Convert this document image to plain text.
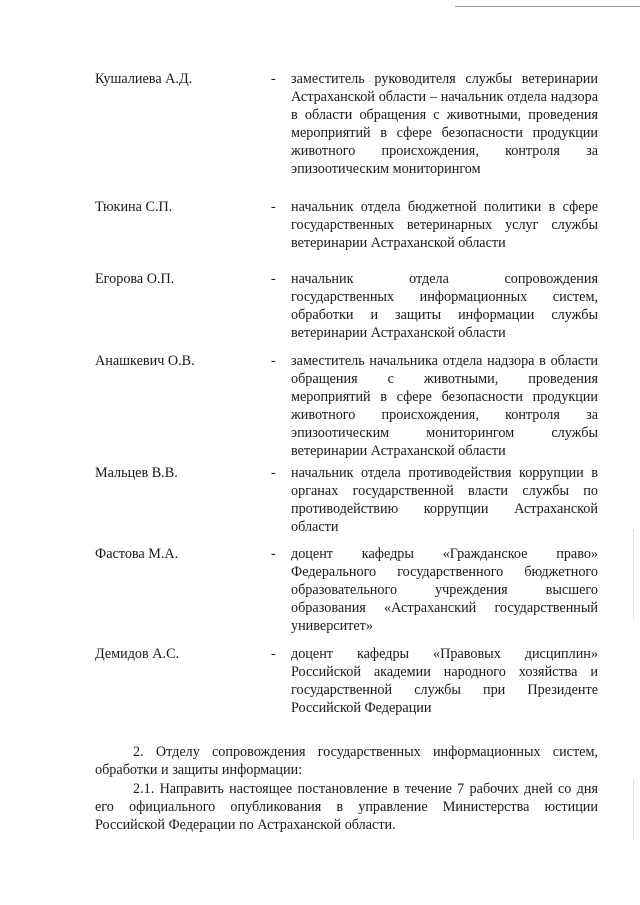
Кушалиева А.Д.	- заместитель руководителя службы ветеринарии Астраханской области – начальник отдела надзора в области обращения с животными, проведения мероприятий в сфере безопасности продукции животного происхождения, контроля за эпизоотическим мониторингом
Тюкина С.П.	- начальник отдела бюджетной политики в сфере государственных ветеринарных услуг службы ветеринарии Астраханской области
Егорова О.П.	- начальник отдела сопровождения государственных информационных систем, обработки и защиты информации службы ветеринарии Астраханской области
Анашкевич О.В.	- заместитель начальника отдела надзора в области обращения с животными, проведения мероприятий в сфере безопасности продукции животного происхождения, контроля за эпизоотическим мониторингом службы ветеринарии Астраханской области
Мальцев В.В.	- начальник отдела противодействия коррупции в органах государственной власти службы по противодействию коррупции Астраханской области
Фастова М.А.	- доцент кафедры «Гражданское право» Федерального государственного бюджетного образовательного учреждения высшего образования «Астраханский государственный университет»
Демидов А.С.	- доцент кафедры «Правовых дисциплин» Российской академии народного хозяйства и государственной службы при Президенте Российской Федерации
2. Отделу сопровождения государственных информационных систем, обработки и защиты информации:
2.1. Направить настоящее постановление в течение 7 рабочих дней со дня его официального опубликования в управление Министерства юстиции Российской Федерации по Астраханской области.
